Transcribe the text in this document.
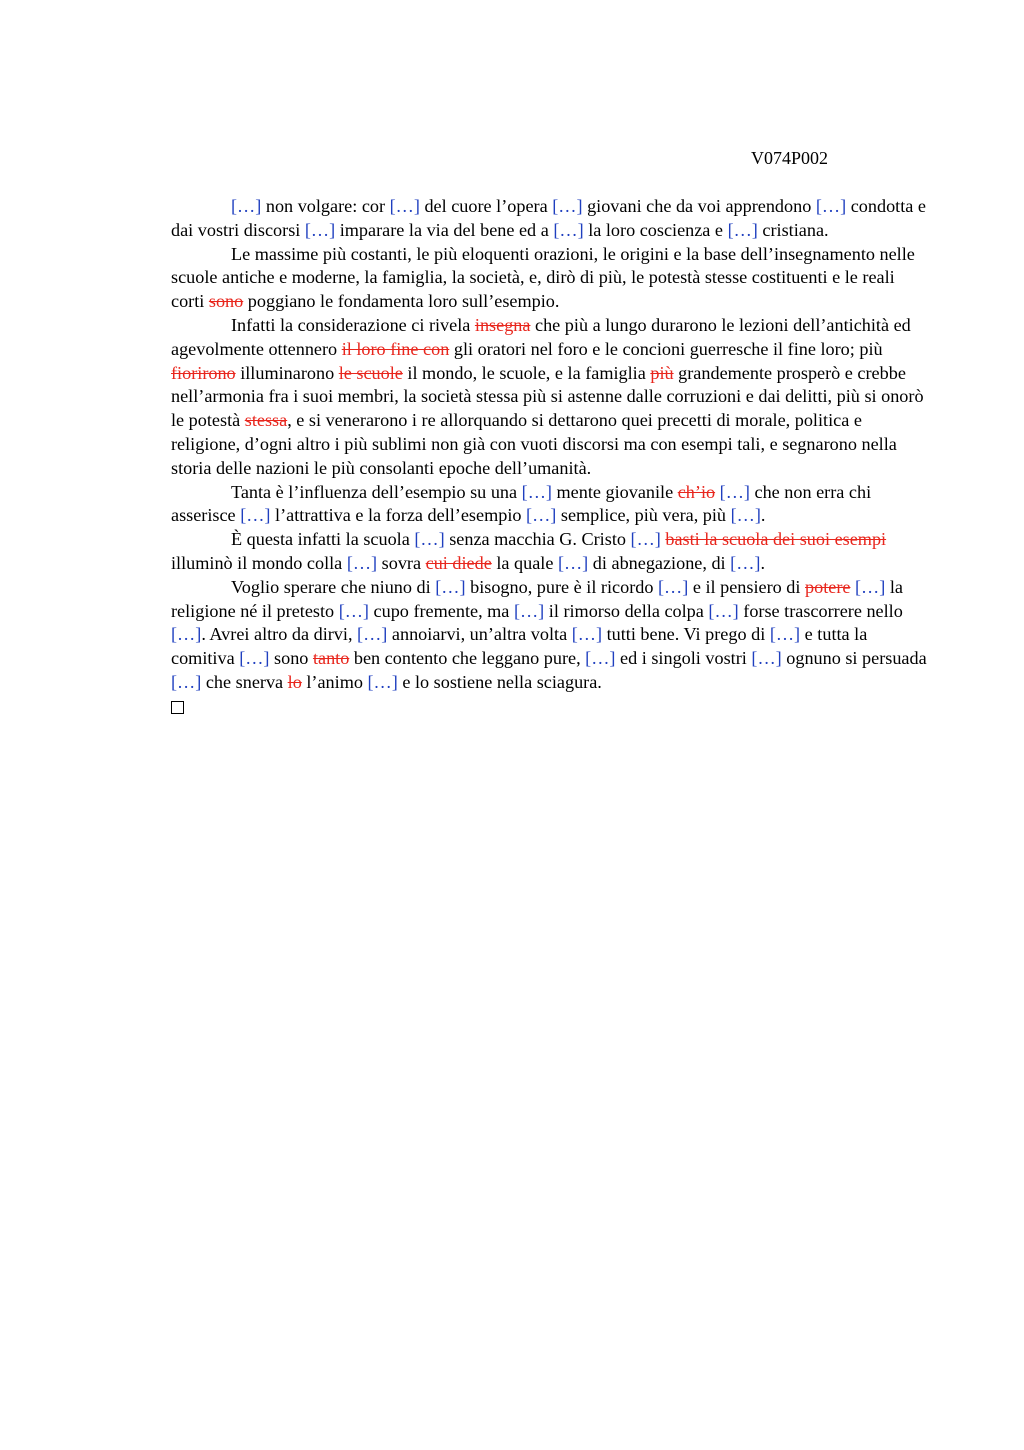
V074P002

[…] non volgare: cor […] del cuore l’opera […] giovani che da voi apprendono […] condotta e dai vostri discorsi […] imparare la via del bene ed a […] la loro coscienza e […] cristiana.

Le massime più costanti, le più eloquenti orazioni, le origini e la base dell’insegnamento nelle scuole antiche e moderne, la famiglia, la società, e, dirò di più, le potestà stesse costituenti e le reali corti sono poggiano le fondamenta loro sull’esempio.

Infatti la considerazione ci rivela insegna che più a lungo durarono le lezioni dell’antichità ed agevolmente ottennero il loro fine con gli oratori nel foro e le concioni guerresche il fine loro; più fiorirono illuminarono le scuole il mondo, le scuole, e la famiglia più grandemente prosperò e crebbe nell’armonia fra i suoi membri, la società stessa più si astenne dalle corruzioni e dai delitti, più si onorò le potestà stessa, e si venerarono i re allorquando si dettarono quei precetti di morale, politica e religione, d’ogni altro i più sublimi non già con vuoti discorsi ma con esempi tali, e segnarono nella storia delle nazioni le più consolanti epoche dell’umanità.

Tanta è l’influenza dell’esempio su una […] mente giovanile ch’io […] che non erra chi asserisce […] l’attrattiva e la forza dell’esempio […] semplice, più vera, più […].

È questa infatti la scuola […] senza macchia G. Cristo […] basti la scuola dei suoi esempi illuminò il mondo colla […] sovra cui diede la quale […] di abnegazione, di […].

Voglio sperare che niuno di […] bisogno, pure è il ricordo […] e il pensiero di potere […] la religione né il pretesto […] cupo fremente, ma […] il rimorso della colpa […] forse trascorrere nello […]. Avrei altro da dirvi, […] annoiarvi, un’altra volta […] tutti bene. Vi prego di […] e tutta la comitiva […] sono tanto ben contento che leggano pure, […] ed i singoli vostri […] ognuno si persuada […] che snerva lo l’animo […] e lo sostiene nella sciagura.
